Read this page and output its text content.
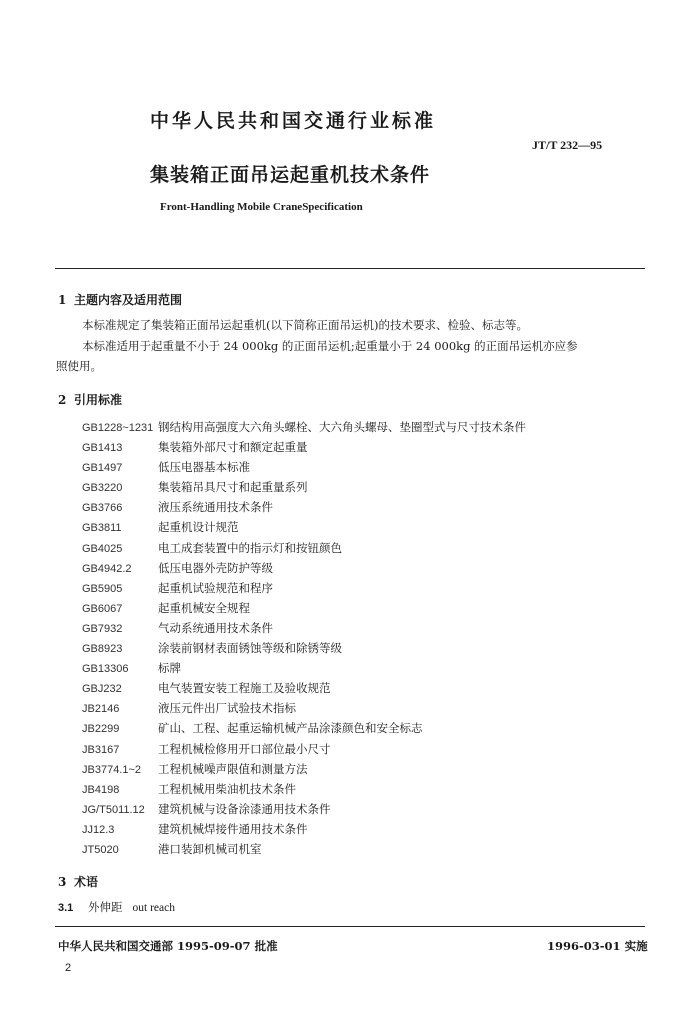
中华人民共和国交通行业标准
JT/T 232—95
集装箱正面吊运起重机技术条件
Front-Handling Mobile CraneSpecification
1 主题内容及适用范围
本标准规定了集装箱正面吊运起重机(以下简称正面吊运机)的技术要求、检验、标志等。
本标准适用于起重量不小于 24 000kg 的正面吊运机;起重量小于 24 000kg 的正面吊运机亦应参
照使用。
2 引用标准
GB1228~1231 钢结构用高强度大六角头螺栓、大六角头螺母、垫圈型式与尺寸技术条件
GB1413	集装箱外部尺寸和额定起重量
GB1497	低压电器基本标准
GB3220	集装箱吊具尺寸和起重量系列
GB3766	液压系统通用技术条件
GB3811	起重机设计规范
GB4025	电工成套装置中的指示灯和按钮颜色
GB4942.2 低压电器外壳防护等级
GB5905	起重机试验规范和程序
GB6067	起重机械安全规程
GB7932	气动系统通用技术条件
GB8923	涂装前钢材表面锈蚀等级和除锈等级
GB13306	标牌
GBJ232	电气装置安装工程施工及验收规范
JB2146	液压元件出厂试验技术指标
JB2299	矿山、工程、起重运输机械产品涂漆颜色和安全标志
JB3167	工程机械检修用开口部位最小尺寸
JB3774.1~2 工程机械噪声限值和测量方法
JB4198	工程机械用柴油机技术条件
JG/T5011.12 建筑机械与设备涂漆通用技术条件
JJ12.3	建筑机械焊接件通用技术条件
JT5020	港口装卸机械司机室
3 术语
3.1 外伸距 out reach
中华人民共和国交通部 1995-09-07 批准	1996-03-01 实施
2
